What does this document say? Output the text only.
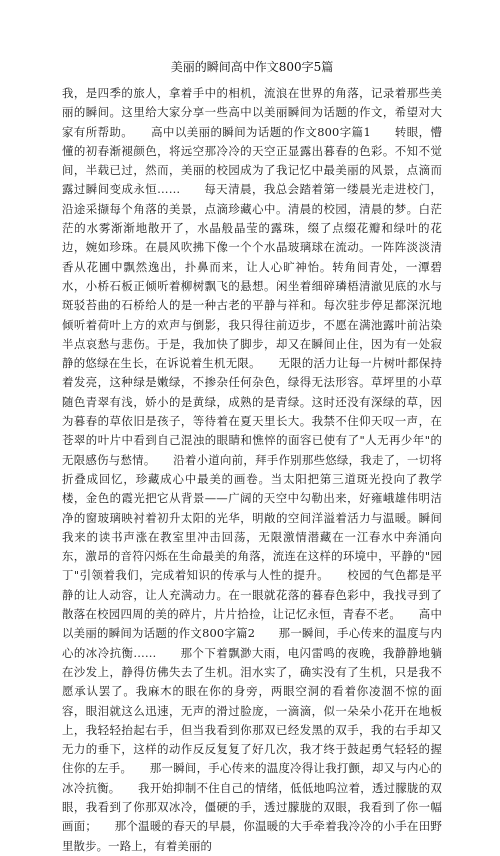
美丽的瞬间高中作文800字5篇

我，是四季的旅人，拿着手中的相机，流浪在世界的角落，记录着那些美丽的瞬间。这里给大家分享一些高中以美丽瞬间为话题的作文，希望对大家有所帮助。　　高中以美丽的瞬间为话题的作文800字篇1　　转眼，懵懂的初春渐褪颜色，将远空那冷冷的天空正显露出暮春的色彩。不知不觉间，半载已过，然而，美丽的校园成为了我记忆中最美丽的风景，点滴而露过瞬间变成永恒……　　每天清晨，我总会踏着第一缕晨光走进校门，沿途采撷每个角落的美景，点滴珍藏心中。清晨的校园，清晨的梦。白茫茫的水雾渐渐地散开了，水晶般晶莹的露珠，缀了点缀花瓣和绿叶的花边，婉如珍珠。在晨风吹拂下像一个个水晶玻璃球在流动。一阵阵淡淡清香从花圃中飘然逸出，扑鼻而来，让人心旷神怡。转角间青处，一潭碧水，小桥石板正倾听着柳树飘飞的悬想。闲坐着细碎璘梧清澈见底的水与斑驳苔曲的石桥给人的是一种古老的平静与祥和。每次驻步停足都深沉地倾听着荷叶上方的欢声与倒影，我只得往前迈步，不愿在满池露叶前沾染半点哀愁与悲伤。于是，我加快了脚步，却又在瞬间止住，因为有一处寂静的悠绿在生长，在诉说着生机无限。　　无限的活力让每一片树叶都保持着发亮，这种绿是嫩绿，不掺杂任何杂色，绿得无法形容。草坪里的小草随色青翠有浅，娇小的是黄绿，成熟的是青绿。这时还没有深绿的草，因为暮春的草依旧是孩子，等待着在夏天里长大。我禁不住仰天叹一声，在苍翠的叶片中看到自己混浊的眼睛和憔悴的面容已使有了"人无再少年"的无限感伤与愁情。　　沿着小道向前，拜手作别那些悠绿，我走了，一切将折叠成回忆，珍藏成心中最美的画卷。当太阳把第三道斑光投向了教学楼，金色的霞光把它从背景——广阔的天空中勾勒出来，好雍峨雄伟明洁净的窗玻璃映衬着初升太阳的光华，明敞的空间洋溢着活力与温暖。瞬间我来的读书声涨在教室里冲击回荡，无限激情潜藏在一江春水中奔涌向东，激昂的音符闪烁在生命最美的角落，流连在这样的环境中，平静的"园丁"引领着我们，完成着知识的传承与人性的提升。　　校园的气色都是平静的让人动容，让人充满动力。在一眼就花落的暮春色彩中，我找寻到了散落在校园四周的美的碎片，片片拾捡，让记忆永恒，青春不老。　　高中以美丽的瞬间为话题的作文800字篇2　　那一瞬间，手心传来的温度与内心的冰冷抗衡……　　那个下着飘渺大雨，电闪雷鸣的夜晚，我静静地躺在沙发上，静得仿佛失去了生机。泪水实了，确实没有了生机，只是我不愿承认罢了。我麻木的眼在你的身旁，两眼空洞的看着你凌涸不惊的面容，眼泪就这么迅速，无声的滑过脸庞，一滴滴，似一朵朵小花开在地板上，我轻轻抬起右手，但当我看到你那双已经发黑的双手，我的右手却又无力的垂下，这样的动作反反复复了好几次，我才终于鼓起勇气轻轻的握住你的左手。　　那一瞬间，手心传来的温度冷得让我打颤，却又与内心的冰冷抗衡。　　我开始抑制不住自己的情绪，低低地呜泣着，透过朦胧的双眼，我看到了你那双冰冷，僵硬的手，透过朦胧的双眼，我看到了你一幅画面；　　那个温暖的春天的早晨，你温暖的大手牵着我冷冷的小手在田野里散步。一路上，有着美丽的
